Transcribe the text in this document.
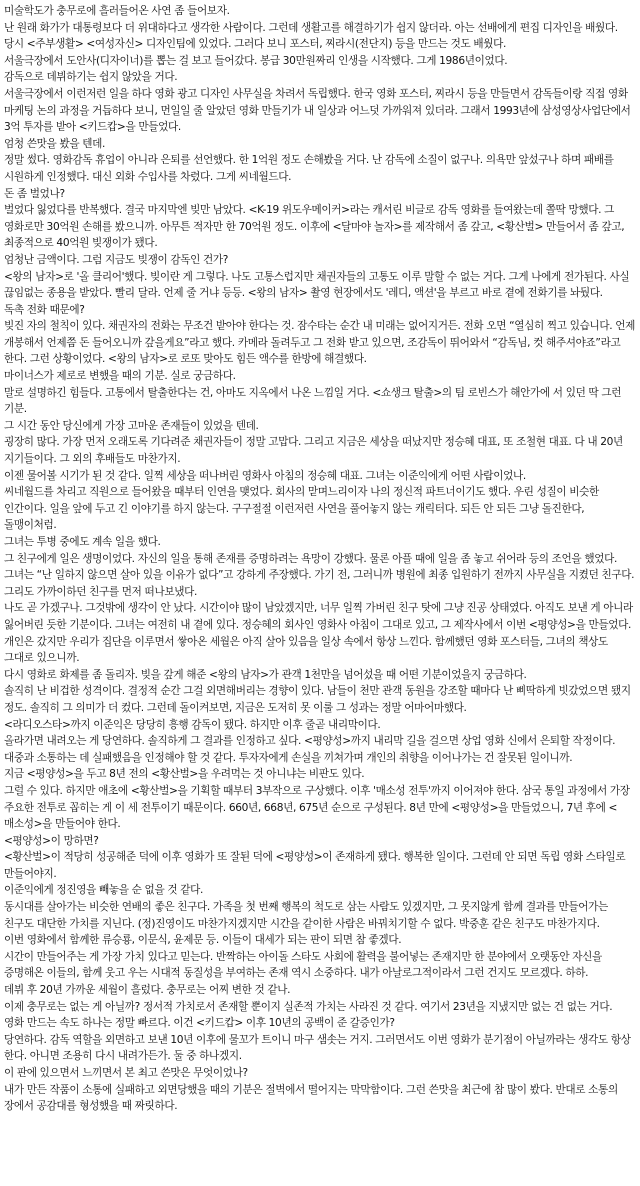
미술학도가 충무로에 흘러들어온 사연 좀 들어보자.

난 원래 화가가 대통령보다 더 위대하다고 생각한 사람이다. 그런데 생활고를 해결하기가 쉽지 않더라. 아는 선배에게 편집 디자인을 배웠다. 당시 <주부생활> <여성자신> 디자인팀에 있었다. 그러다 보니 포스터, 찌라시(전단지) 등을 만드는 것도 배웠다.

서울극장에서 도안사(디자이너)를 뽑는 걸 보고 들어갔다. 봉급 30만원짜리 인생을 시작했다. 그게 1986년이었다.

감독으로 데뷔하기는 쉽지 않았을 거다.

서울극장에서 이런저런 일을 하다 영화 광고 디자인 사무실을 차려서 독립했다. 한국 영화 포스터, 찌라시 등을 만들면서 감독들이랑 직접 영화 마케팅 논의 과정을 거듭하다 보니, 먼일일 줄 알았던 영화 만들기가 내 일상과 어느덧 가까워져 있더라. 그래서 1993년에 삼성영상사업단에서 3억 투자를 받아 <키드캅>을 만들었다.

엄청 쓴맛을 봤을 텐데.

정말 썼다. 영화감독 휴업이 아니라 은퇴를 선언했다. 한 1억원 정도 손해봤을 거다. 난 감독에 소질이 없구나. 의욕만 앞섰구나 하며 패배를 시원하게 인정했다. 대신 외화 수입사를 차렸다. 그게 씨네월드다.

돈 좀 벌었나?

벌었다 잃었다를 반복했다. 결국 마지막엔 빚만 남았다. <K-19 위도우메이커>라는 캐서린 비글로 감독 영화를 들여왔는데 쫄딱 망했다. 그 영화로만 30억원 손해를 봤으니까. 아무튼 적자만 한 70억원 정도. 이후에 <달마야 놀자>를 제작해서 좀 갚고, <황산벌> 만들어서 좀 갚고, 최종적으로 40억원 빚쟁이가 됐다.

엄청난 금액이다. 그럼 지금도 빚쟁이 감독인 건가?

<왕의 남자>로 '올 클리어'했다. 빚이란 게 그렇다. 나도 고통스럽지만 채권자들의 고통도 이루 말할 수 없는 거다. 그게 나에게 전가된다. 사실 끊임없는 종용을 받았다. 빨리 달라. 언제 줄 거냐 등등. <왕의 남자> 촬영 현장에서도 '레디, 액션'을 부르고 바로 곁에 전화기를 놔뒀다.

독촉 전화 때문에?

빚진 자의 철칙이 있다. 채권자의 전화는 무조건 받아야 한다는 것. 잠수타는 순간 내 미래는 없어지거든. 전화 오면 “열심히 찍고 있습니다. 언제 개봉해서 언제쯤 돈 들어오니까 갚을게요”라고 했다. 카메라 돌려두고 그 전화 받고 있으면, 조감독이 뛰어와서 “감독님, 컷 해주셔야죠”라고 한다. 그런 상황이었다. <왕의 남자>로 로또 맞아도 힘든 액수를 한방에 해결했다.

마이너스가 제로로 변했을 때의 기분. 실로 궁금하다.

말로 설명하긴 힘들다. 고통에서 탈출한다는 건, 아마도 지옥에서 나온 느낌일 거다. <쇼생크 탈출>의 팀 로빈스가 해안가에 서 있던 딱 그런 기분.

그 시간 동안 당신에게 가장 고마운 존재들이 있었을 텐데.

굉장히 많다. 가장 먼저 오래도록 기다려준 채권자들이 정말 고맙다. 그리고 지금은 세상을 떠났지만 정승혜 대표, 또 조철현 대표. 다 내 20년 지기들이다. 그 외의 후배들도 마찬가지.

이젠 물어볼 시기가 된 것 같다. 일찍 세상을 떠나버린 영화사 아침의 정승혜 대표. 그녀는 이준익에게 어떤 사람이었나.

씨네월드를 차리고 직원으로 들어왔을 때부터 인연을 맺었다. 회사의 맏며느리이자 나의 정신적 파트너이기도 했다. 우린 성질이 비슷한 인간이다. 일을 앞에 두고 긴 이야기를 하지 않는다. 구구절절 이런저런 사연을 풀어놓지 않는 캐릭터다. 되든 안 되든 그냥 돌진한다, 돌맹이처럼.

그녀는 투병 중에도 계속 일을 했다.

그 친구에게 일은 생명이었다. 자신의 일을 통해 존재를 증명하려는 욕망이 강했다. 물론 아플 때에 일을 좀 놓고 쉬어라 등의 조언을 했었다. 그녀는 “난 일하지 않으면 살아 있을 이유가 없다”고 강하게 주장했다. 가기 전, 그러니까 병원에 최종 입원하기 전까지 사무실을 지켰던 친구다.

그리도 가까이하던 친구를 먼저 떠나보냈다.

나도 곧 가겠구나. 그것밖에 생각이 안 났다. 시간이야 많이 남았겠지만, 너무 일찍 가버린 친구 탓에 그냥 진공 상태였다. 아직도 보낸 게 아니라 잃어버린 듯한 기분이다. 그녀는 여전히 내 곁에 있다. 정승혜의 회사인 영화사 아침이 그대로 있고, 그 제작사에서 이번 <평양성>을 만들었다. 개인은 갔지만 우리가 집단을 이루면서 쌓아온 세월은 아직 살아 있음을 일상 속에서 항상 느낀다. 함께했던 영화 포스터들, 그녀의 책상도 그대로 있으니까.

다시 영화로 화제를 좀 돌리자. 빚을 갚게 해준 <왕의 남자>가 관객 1천만을 넘어섰을 때 어떤 기분이었을지 궁금하다.

솔직히 난 비겁한 성격이다. 결정적 순간 그걸 외면해버리는 경향이 있다. 남들이 천만 관객 동원을 강조할 때마다 난 삐딱하게 빗갔었으면 됐지 정도. 솔직히 그 의미가 더 컸다. 그런데 돌이켜보면, 지금은 도저히 못 이룰 그 성과는 정말 어마어마했다.

<라디오스타>까지 이준익은 당당히 흥행 감독이 됐다. 하지만 이후 줄곧 내리막이다.

올라가면 내려오는 게 당연하다. 솔직하게 그 결과를 인정하고 싶다. <평양성>까지 내리막 길을 걸으면 상업 영화 신에서 은퇴할 작정이다. 대중과 소통하는 데 실패했음을 인정해야 할 것 같다. 투자자에게 손실을 끼쳐가며 개인의 취향을 이어나가는 건 잘못된 일이니까.

지금 <평양성>을 두고 8년 전의 <황산벌>을 우려먹는 것 아니냐는 비판도 있다.

그럴 수 있다. 하지만 애초에 <황산벌>을 기획할 때부터 3부작으로 구상했다. 이후 '매소성 전투'까지 이어져야 한다. 삼국 통일 과정에서 가장 주요한 전투로 꼽히는 게 이 세 전투이기 때문이다. 660년, 668년, 675년 순으로 구성된다. 8년 만에 <평양성>을 만들었으니, 7년 후에 <매소성>을 만들어야 한다.

<평양성>이 망하면?

<황산벌>이 적당히 성공해준 덕에 이후 영화가 또 잘된 덕에 <평양성>이 존재하게 됐다. 행복한 일이다. 그런데 안 되면 독립 영화 스타일로 만들어야지.

이준익에게 정진영을 빼놓을 순 없을 것 같다.

동시대를 살아가는 비슷한 연배의 좋은 친구다. 가족을 첫 번째 행복의 척도로 삼는 사람도 있겠지만, 그 못지않게 함께 결과를 만들어가는 친구도 대단한 가치를 지닌다. (정)진영이도 마찬가지겠지만 시간을 같이한 사람은 바꿔치기할 수 없다. 박중훈 같은 친구도 마찬가지다.

이번 영화에서 함께한 류승룡, 이문식, 윤제문 등. 이들이 대세가 되는 판이 되면 참 좋겠다.

시간이 만들어주는 게 가장 가치 있다고 믿는다. 반짝하는 아이돌 스타도 사회에 활력을 불어넣는 존재지만 한 분야에서 오랫동안 자신을 증명해온 이들의, 함께 웃고 우는 시대적 동질성을 부여하는 존재 역시 소중하다. 내가 아날로그적이라서 그런 건지도 모르겠다. 하하.

데뷔 후 20년 가까운 세월이 흘렀다. 충무로는 어찌 변한 것 같나.

이제 충무로는 없는 게 아닐까? 정서적 가치로서 존재할 뿐이지 실존적 가치는 사라진 것 같다. 여기서 23년을 지냈지만 없는 건 없는 거다.

영화 만드는 속도 하나는 정말 빠르다. 이건 <키드캅> 이후 10년의 공백이 준 갈증인가?

당연하다. 감독 역할을 외면하고 보낸 10년 이후에 물꼬가 트이니 마구 샘솟는 거지. 그러면서도 이번 영화가 분기점이 아닐까라는 생각도 항상 한다. 아니면 조용히 다시 내려가든가. 둘 중 하나겠지.

이 판에 있으면서 느끼면서 본 최고 쓴맛은 무엇이었나?

내가 만든 작품이 소통에 실패하고 외면당했을 때의 기분은 절벽에서 떨어지는 막막함이다. 그런 쓴맛을 최근에 참 많이 봤다. 반대로 소통의 장에서 공감대를 형성했을 때 짜릿하다.
